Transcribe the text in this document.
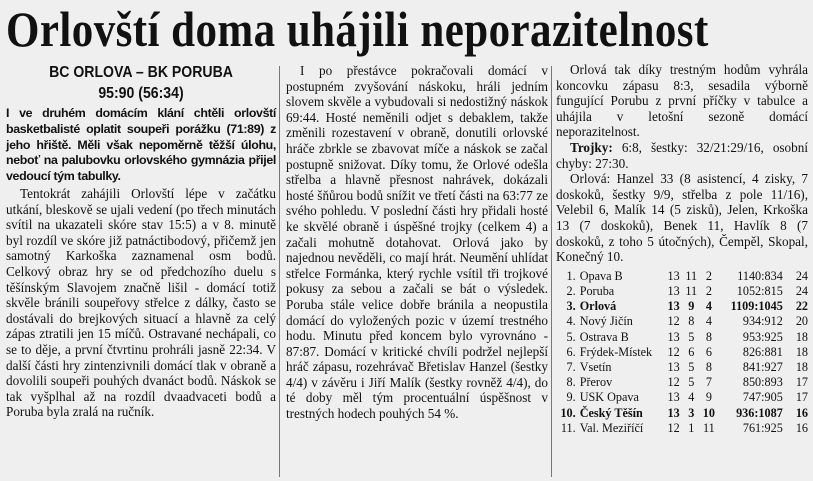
Orlovští doma uhájili neporazitelnost
BC ORLOVA – BK PORUBA
95:90 (56:34)
I ve druhém domácím klání chtěli orlovští basketbalisté oplatit soupeři porážku (71:89) z jeho hřiště. Měli však nepoměrně těžší úlohu, neboť na palubovku orlovského gymnázia přijel vedoucí tým tabulky.

Tentokrát zahájili Orlovští lépe v začátku utkání, bleskově se ujali vedení (po třech minutách svítil na ukazateli skóre stav 15:5) a v 8. minutě byl rozdíl ve skóre již patnáctibodový, přičemž jen samotný Karkoška zaznamenal osm bodů. Celkový obraz hry se od předchozího duelu s těšínským Slavojem značně lišil - domácí totiž skvěle bránili soupeřovy střelce z dálky, často se dostávali do brejkových situací a hlavně za celý zápas ztratili jen 15 míčů. Ostravané nechápali, co se to děje, a první čtvrtinu prohráli jasně 22:34. V další části hry zintenzivnili domácí tlak v obraně a dovolili soupeři pouhých dvanáct bodů. Náskok se tak vyšplhal až na rozdíl dvaadvaceti bodů a Poruba byla zralá na ručník.

I po přestávce pokračovali domácí v postupném zvyšování náskoku, hráli jedním slovem skvěle a vybudovali si nedostižný náskok 69:44. Hosté neměnili odjet s debaklem, takže změnili rozestavení v obraně, donutili orlovské hráče zbrkle se zbavovat míče a náskok se začal postupně snižovat. Díky tomu, že Orlové odešla střelba a hlavně přesnost nahrávek, dokázali hosté šňůrou bodů snížit ve třetí části na 63:77 ze svého pohledu. V poslední části hry přidali hosté ke skvělé obraně i úspěšné trojky (celkem 4) a začali mohutně dotahovat. Orlová jako by najednou nevěděli, co mají hrát. Neumění uhlídat střelce Formánka, který rychle vsítil tři trojkové pokusy za sebou a začali se bát o výsledek. Poruba stále velice dobře bránila a neopustila domácí do vyložených pozic v území trestného hodu. Minutu před koncem bylo vyrovnáno - 87:87. Domácí v kritické chvíli podržel nejlepší hráč zápasu, rozehrávač Břetislav Hanzel (šestky 4/4) v závěru i Jiří Malík (šestky rovněž 4/4), do té doby měl tým procentuální úspěšnost v trestných hodech pouhých 54 %.

Orlová tak díky trestným hodům vyhrála koncovku zápasu 8:3, sesadila výborně fungující Porubu z první příčky v tabulce a uhájila v letošní sezoně domácí neporazitelnost.

Trojky: 6:8, šestky: 32/21:29/16, osobní chyby: 27:30.

Orlová: Hanzel 33 (8 asistencí, 4 zisky, 7 doskoků, šestky 9/9, střelba z pole 11/16), Velebil 6, Malík 14 (5 zisků), Jelen, Krkoška 13 (7 doskoků), Benek 11, Havlík 8 (7 doskoků, z toho 5 útočných), Čempěl, Skopal, Konečný 10.

1.	Opava B	13	11	2	1140:834	24
2.	Poruba	13	11	2	1052:815	24
3.	Orlová	13	9	4	1109:1045	22
4.	Nový Jičín	12	8	4	934:912	20
5.	Ostrava B	13	5	8	953:925	18
6.	Frýdek-Místek	12	6	6	826:881	18
7.	Vsetín	13	5	8	841:927	18
8.	Přerov	12	5	7	850:893	17
9.	USK Opava	13	4	9	747:905	17
10.	Český Těšín	13	3	10	936:1087	16
11.	Val. Meziříčí	12	1	11	761:925	16
